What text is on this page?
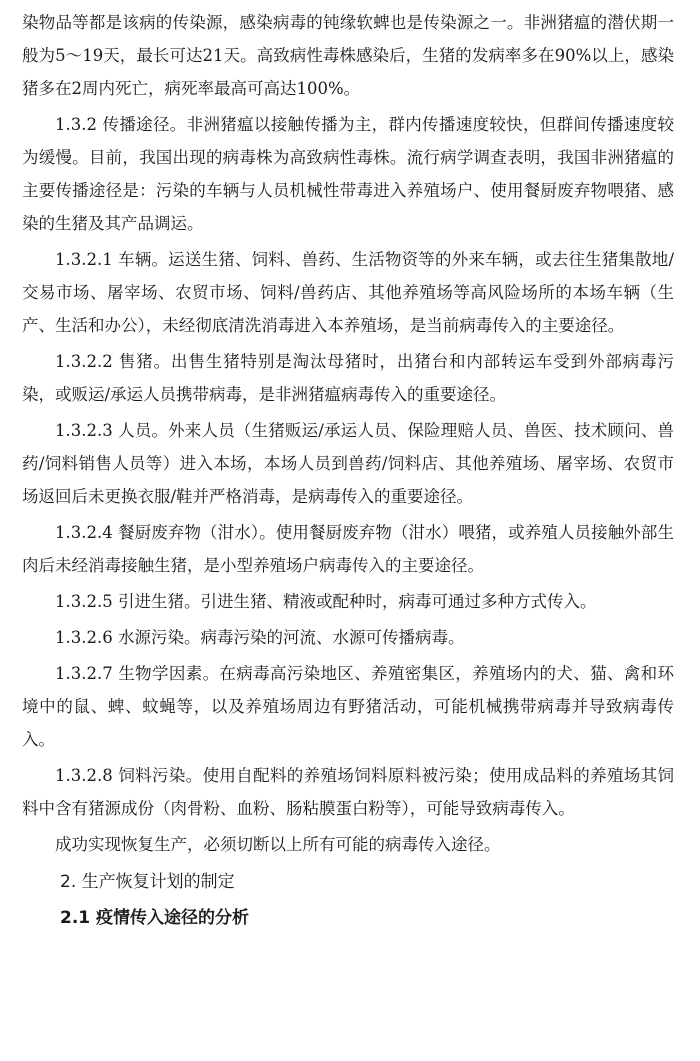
染物品等都是该病的传染源，感染病毒的钝缘软蜱也是传染源之一。非洲猪瘟的潜伏期一般为5～19天，最长可达21天。高致病性毒株感染后，生猪的发病率多在90%以上，感染猪多在2周内死亡，病死率最高可高达100%。

1.3.2 传播途径。非洲猪瘟以接触传播为主，群内传播速度较快，但群间传播速度较为缓慢。目前，我国出现的病毒株为高致病性毒株。流行病学调查表明，我国非洲猪瘟的主要传播途径是：污染的车辆与人员机械性带毒进入养殖场户、使用餐厨废弃物喂猪、感染的生猪及其产品调运。

1.3.2.1 车辆。运送生猪、饲料、兽药、生活物资等的外来车辆，或去往生猪集散地/交易市场、屠宰场、农贸市场、饲料/兽药店、其他养殖场等高风险场所的本场车辆（生产、生活和办公），未经彻底清洗消毒进入本养殖场，是当前病毒传入的主要途径。

1.3.2.2 售猪。出售生猪特别是淘汰母猪时，出猪台和内部转运车受到外部病毒污染，或贩运/承运人员携带病毒，是非洲猪瘟病毒传入的重要途径。

1.3.2.3 人员。外来人员（生猪贩运/承运人员、保险理赔人员、兽医、技术顾问、兽药/饲料销售人员等）进入本场，本场人员到兽药/饲料店、其他养殖场、屠宰场、农贸市场返回后未更换衣服/鞋并严格消毒，是病毒传入的重要途径。

1.3.2.4 餐厨废弃物（泔水）。使用餐厨废弃物（泔水）喂猪，或养殖人员接触外部生肉后未经消毒接触生猪，是小型养殖场户病毒传入的主要途径。

1.3.2.5 引进生猪。引进生猪、精液或配种时，病毒可通过多种方式传入。

1.3.2.6 水源污染。病毒污染的河流、水源可传播病毒。

1.3.2.7 生物学因素。在病毒高污染地区、养殖密集区，养殖场内的犬、猫、禽和环境中的鼠、蜱、蚊蝇等，以及养殖场周边有野猪活动，可能机械携带病毒并导致病毒传入。

1.3.2.8 饲料污染。使用自配料的养殖场饲料原料被污染；使用成品料的养殖场其饲料中含有猪源成份（肉骨粉、血粉、肠粘膜蛋白粉等），可能导致病毒传入。

成功实现恢复生产，必须切断以上所有可能的病毒传入途径。

2. 生产恢复计划的制定

2.1 疫情传入途径的分析
